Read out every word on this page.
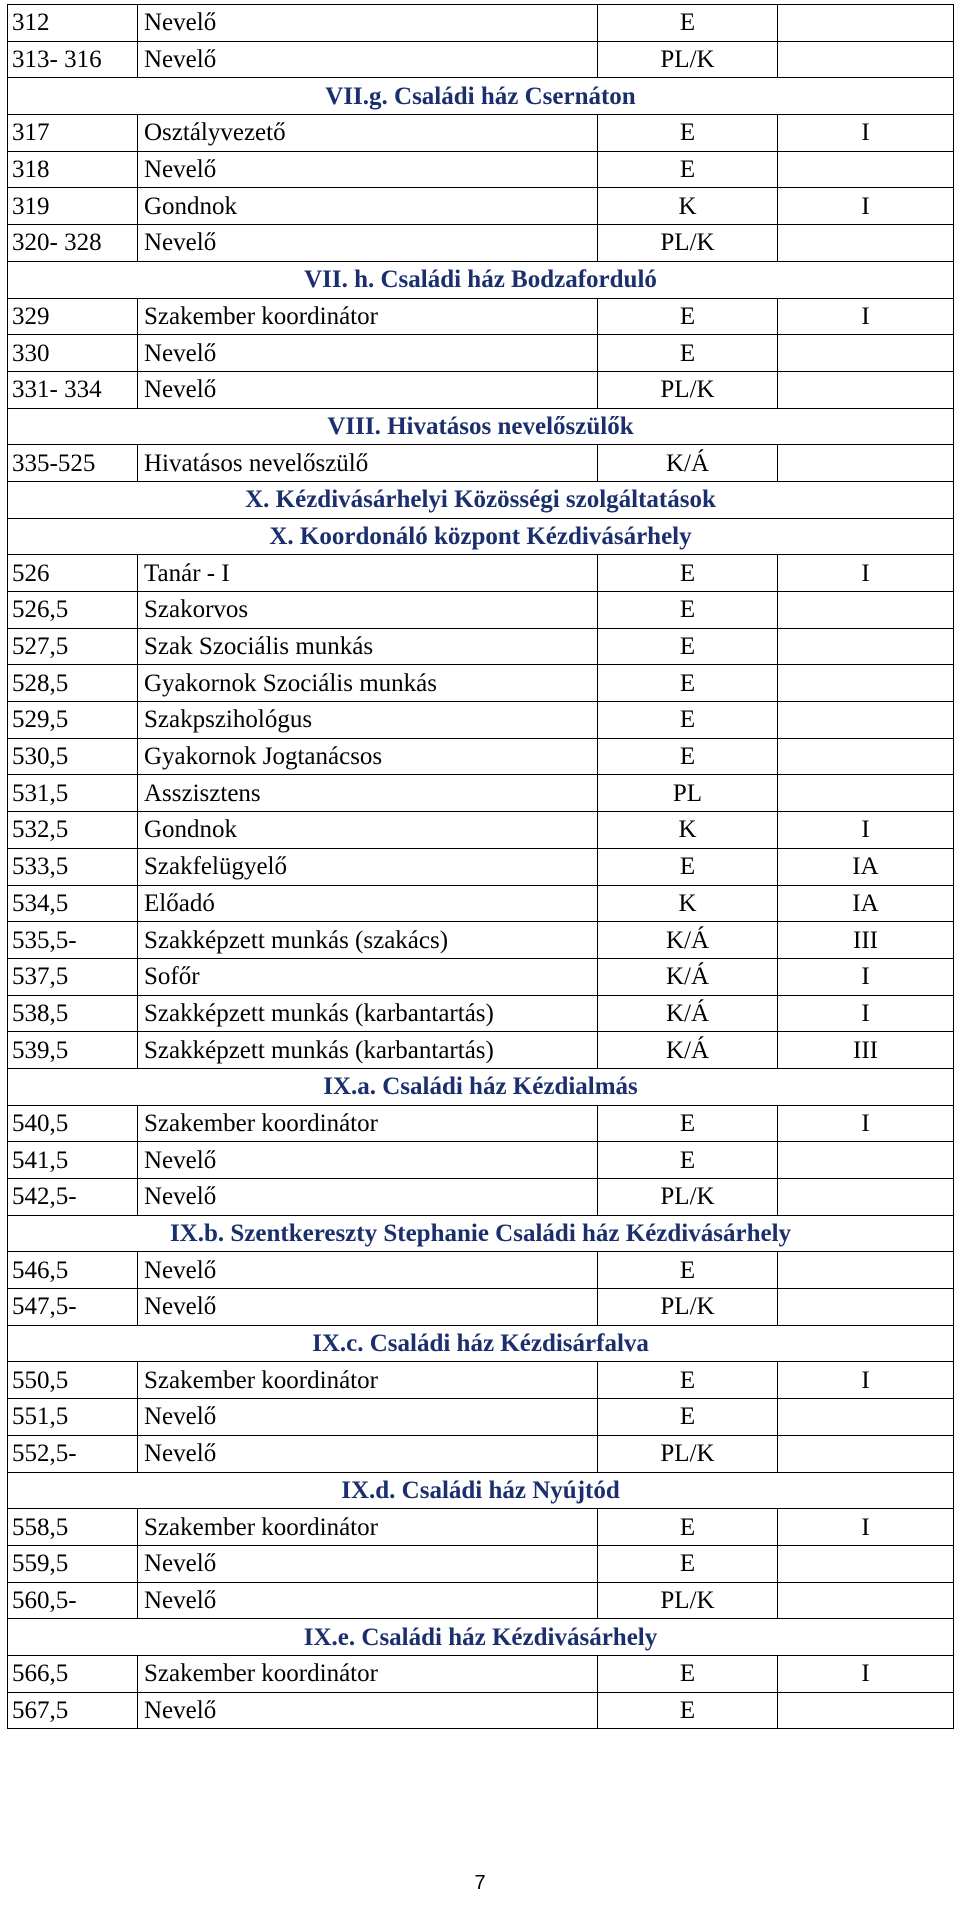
312	Nevelő	E	
313- 316	Nevelő	PL/K	
VII.g. Családi ház Csernáton			
317	Osztályvezető	E	I
318	Nevelő	E	
319	Gondnok	K	I
320- 328	Nevelő	PL/K	
VII. h. Családi ház Bodzaforduló			
329	Szakember koordinátor	E	I
330	Nevelő	E	
331- 334	Nevelő	PL/K	
VIII. Hivatásos nevelőszülők			
335-525	Hivatásos nevelőszülő	K/Á	
X. Kézdivásárhelyi Közösségi szolgáltatások			
X. Koordonáló központ Kézdivásárhely			
526	Tanár - I	E	I
526,5	Szakorvos	E	
527,5	Szak Szociális munkás	E	
528,5	Gyakornok Szociális munkás	E	
529,5	Szakpszihológus	E	
530,5	Gyakornok Jogtanácsos	E	
531,5	Asszisztens	PL	
532,5	Gondnok	K	I
533,5	Szakfelügyelő	E	IA
534,5	Előadó	K	IA
535,5-	Szakképzett munkás (szakács)	K/Á	III
537,5	Sofőr	K/Á	I
538,5	Szakképzett munkás (karbantartás)	K/Á	I
539,5	Szakképzett munkás (karbantartás)	K/Á	III
IX.a. Családi ház Kézdialmás			
540,5	Szakember koordinátor	E	I
541,5	Nevelő	E	
542,5-	Nevelő	PL/K	
IX.b. Szentkereszty Stephanie Családi ház Kézdivásárhely			
546,5	Nevelő	E	
547,5-	Nevelő	PL/K	
IX.c. Családi ház Kézdisárfalva			
550,5	Szakember koordinátor	E	I
551,5	Nevelő	E	
552,5-	Nevelő	PL/K	
IX.d. Családi ház Nyújtód			
558,5	Szakember koordinátor	E	I
559,5	Nevelő	E	
560,5-	Nevelő	PL/K	
IX.e. Családi ház Kézdivásárhely			
566,5	Szakember koordinátor	E	I
567,5	Nevelő	E	
7
